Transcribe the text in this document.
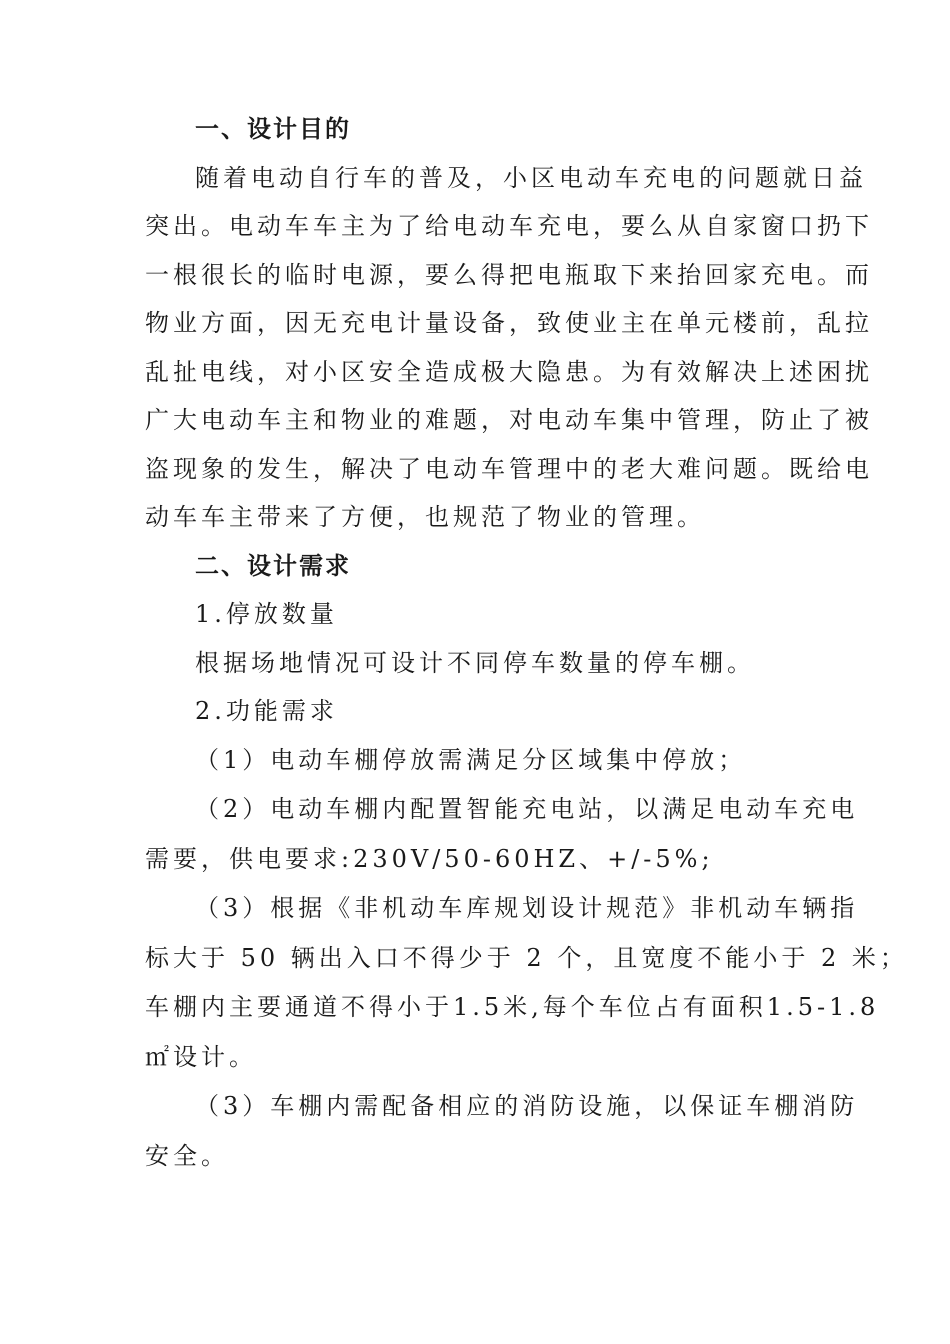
一、设计目的

随着电动自行车的普及，小区电动车充电的问题就日益

突出。电动车车主为了给电动车充电，要么从自家窗口扔下

一根很长的临时电源，要么得把电瓶取下来抬回家充电。而

物业方面，因无充电计量设备，致使业主在单元楼前，乱拉

乱扯电线，对小区安全造成极大隐患。为有效解决上述困扰

广大电动车主和物业的难题，对电动车集中管理，防止了被

盗现象的发生，解决了电动车管理中的老大难问题。既给电

动车车主带来了方便，也规范了物业的管理。

二、设计需求

1.停放数量

根据场地情况可设计不同停车数量的停车棚。

2.功能需求

（1）电动车棚停放需满足分区域集中停放；

（2）电动车棚内配置智能充电站，以满足电动车充电

需要，供电要求:230V/50-60HZ、+/-5%;

（3）根据《非机动车库规划设计规范》非机动车辆指

标大于 50 辆出入口不得少于 2 个，且宽度不能小于 2 米；

车棚内主要通道不得小于1.5米,每个车位占有面积1.5-1.8

㎡设计。

（3）车棚内需配备相应的消防设施，以保证车棚消防

安全。
